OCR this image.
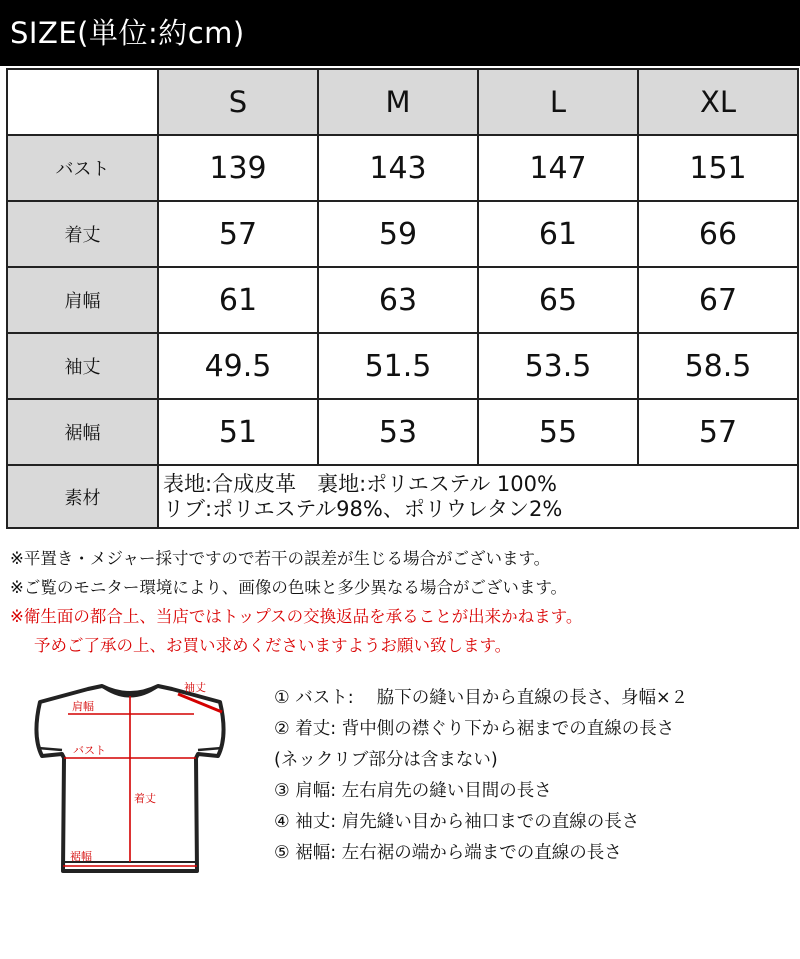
SIZE(単位:約cm)
	S	M	L	XL
バスト	139	143	147	151
着丈	57	59	61	66
肩幅	61	63	65	67
袖丈	49.5	51.5	53.5	58.5
裾幅	51	53	55	57
素材	表地:合成皮革　裏地:ポリエステル 100%
リブ:ポリエステル98%、ポリウレタン2%			
※平置き・メジャー採寸ですので若干の誤差が生じる場合がございます。
※ご覧のモニター環境により、画像の色味と多少異なる場合がございます。
※衛生面の都合上、当店ではトップスの交換返品を承ることが出来かねます。
予めご了承の上、お買い求めくださいますようお願い致します。
袖丈
肩幅
バスト
着丈
裾幅
① バスト:　 脇下の縫い目から直線の長さ、身幅×２
② 着丈: 背中側の襟ぐり下から裾までの直線の長さ
(ネックリブ部分は含まない)
③ 肩幅: 左右肩先の縫い目間の長さ
④ 袖丈: 肩先縫い目から袖口までの直線の長さ
⑤ 裾幅: 左右裾の端から端までの直線の長さ
